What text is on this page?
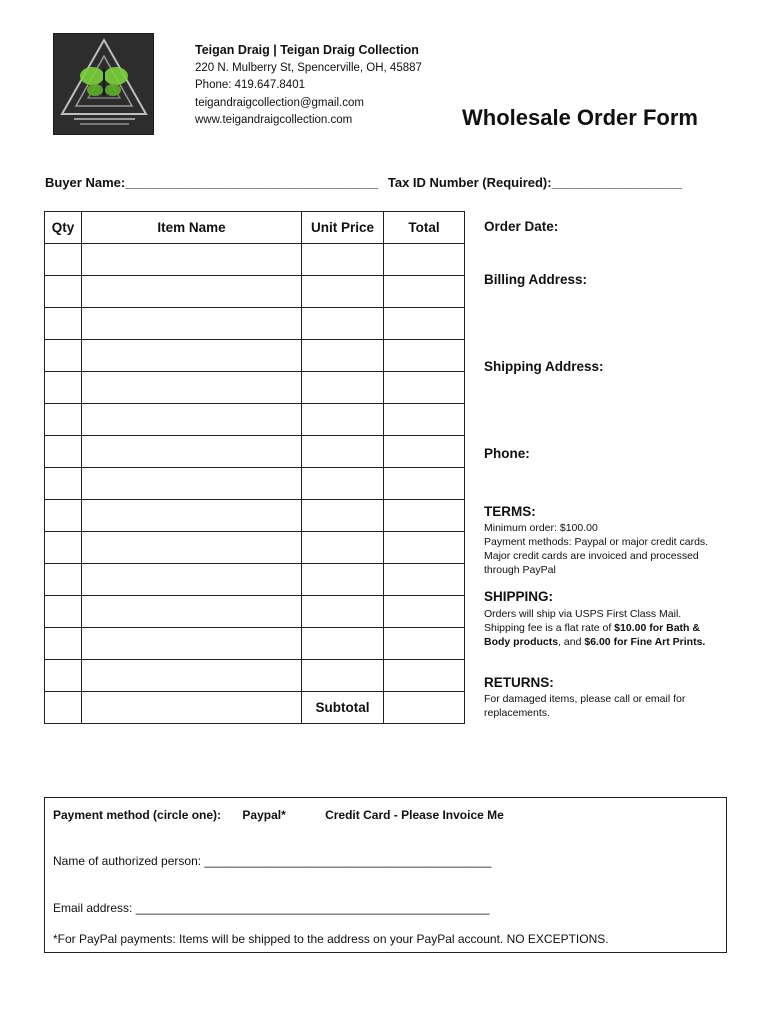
Teigan Draig | Teigan Draig Collection
220 N. Mulberry St, Spencerville, OH, 45887
Phone: 419.647.8401
teigandraigcollection@gmail.com
www.teigandraigcollection.com	Wholesale Order Form
Buyer Name:___________________________________ Tax ID Number (Required):__________________
Qty	Item Name	Unit Price	Total

		Subtotal	
Order Date:
Billing Address:
Shipping Address:
Phone:
TERMS:
Minimum order: $100.00
Payment methods: Paypal or major credit cards. Major credit cards are invoiced and processed through PayPal
SHIPPING:
Orders will ship via USPS First Class Mail. Shipping fee is a flat rate of $10.00 for Bath & Body products, and $6.00 for Fine Art Prints.
RETURNS:
For damaged items, please call or email for replacements.
Payment method (circle one): Paypal*	Credit Card - Please Invoice Me
Name of authorized person: ___________________________________________
Email address: _____________________________________________________
*For PayPal payments: Items will be shipped to the address on your PayPal account. NO EXCEPTIONS.
